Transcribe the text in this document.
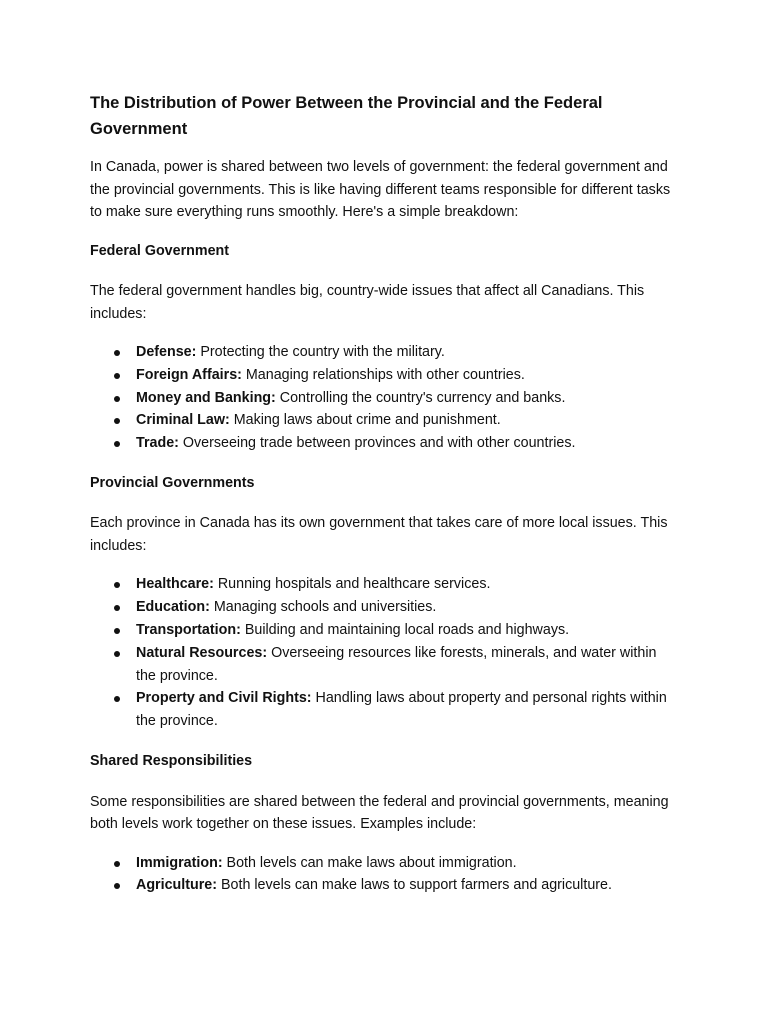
The Distribution of Power Between the Provincial and the Federal Government

In Canada, power is shared between two levels of government: the federal government and the provincial governments. This is like having different teams responsible for different tasks to make sure everything runs smoothly. Here's a simple breakdown:

Federal Government

The federal government handles big, country-wide issues that affect all Canadians. This includes:

Defense: Protecting the country with the military.
Foreign Affairs: Managing relationships with other countries.
Money and Banking: Controlling the country's currency and banks.
Criminal Law: Making laws about crime and punishment.
Trade: Overseeing trade between provinces and with other countries.
Provincial Governments

Each province in Canada has its own government that takes care of more local issues. This includes:

Healthcare: Running hospitals and healthcare services.
Education: Managing schools and universities.
Transportation: Building and maintaining local roads and highways.
Natural Resources: Overseeing resources like forests, minerals, and water within the province.
Property and Civil Rights: Handling laws about property and personal rights within the province.
Shared Responsibilities

Some responsibilities are shared between the federal and provincial governments, meaning both levels work together on these issues. Examples include:

Immigration: Both levels can make laws about immigration.
Agriculture: Both levels can make laws to support farmers and agriculture.
